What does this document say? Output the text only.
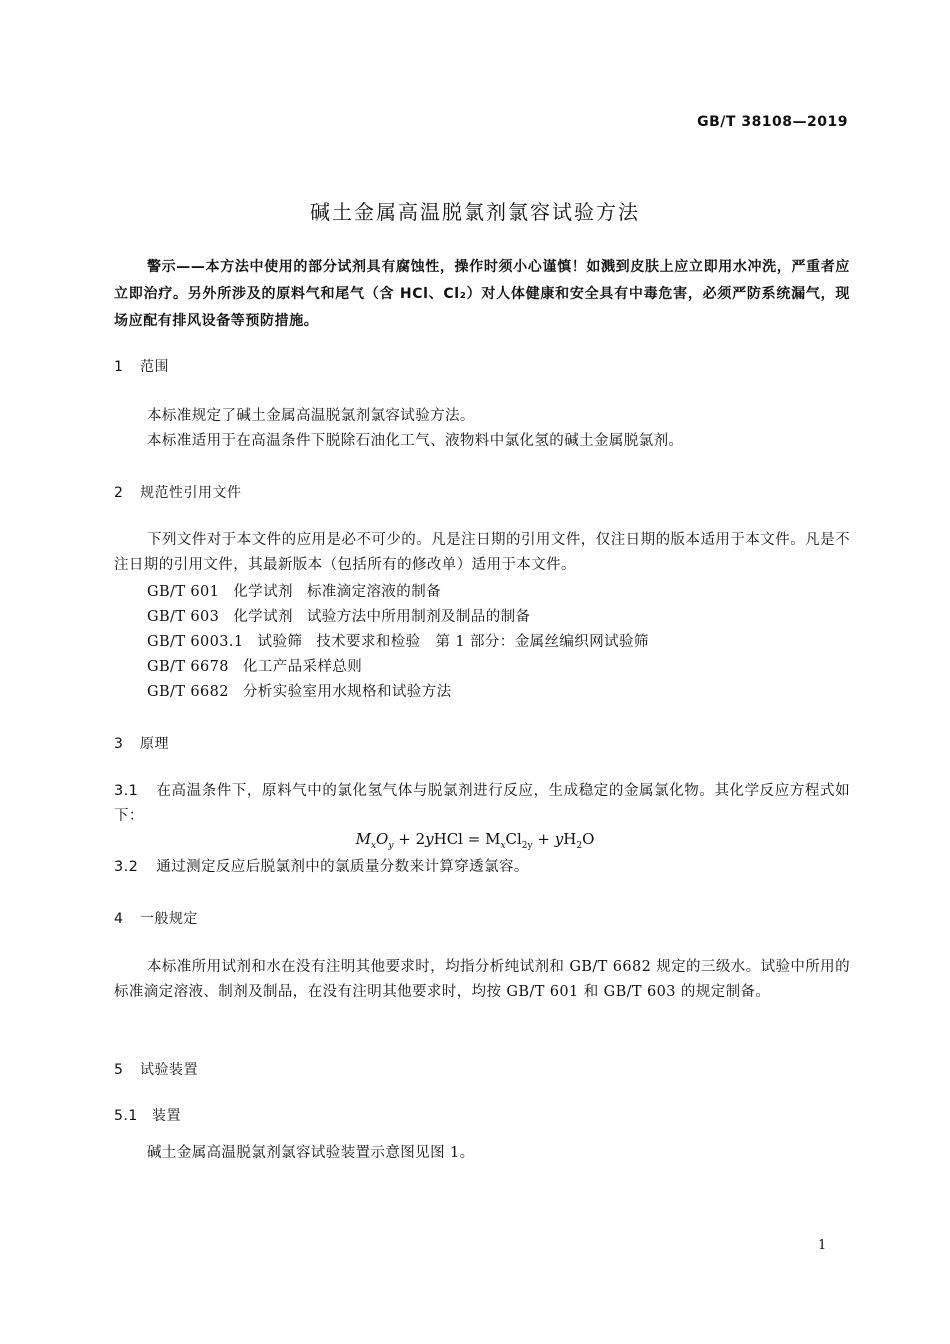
GB/T 38108—2019
碱土金属高温脱氯剂氯容试验方法
警示——本方法中使用的部分试剂具有腐蚀性，操作时须小心谨慎！如溅到皮肤上应立即用水冲洗，严重者应立即治疗。另外所涉及的原料气和尾气（含 HCl、Cl₂）对人体健康和安全具有中毒危害，必须严防系统漏气，现场应配有排风设备等预防措施。
1 范围
本标准规定了碱土金属高温脱氯剂氯容试验方法。
本标准适用于在高温条件下脱除石油化工气、液物料中氯化氢的碱土金属脱氯剂。
2 规范性引用文件
下列文件对于本文件的应用是必不可少的。凡是注日期的引用文件，仅注日期的版本适用于本文件。凡是不注日期的引用文件，其最新版本（包括所有的修改单）适用于本文件。
GB/T 601 化学试剂 标准滴定溶液的制备
GB/T 603 化学试剂 试验方法中所用制剂及制品的制备
GB/T 6003.1 试验筛 技术要求和检验　第 1 部分：金属丝编织网试验筛
GB/T 6678 化工产品采样总则
GB/T 6682 分析实验室用水规格和试验方法
3 原理
3.1 在高温条件下，原料气中的氯化氢气体与脱氯剂进行反应，生成稳定的金属氯化物。其化学反应方程式如下：
$M_xO_y$ + 2yHCl = $M_xCl_{2y} + yH_2O$
3.2 通过测定反应后脱氯剂中的氯质量分数来计算穿透氯容。
4 一般规定
本标准所用试剂和水在没有注明其他要求时，均指分析纯试剂和 GB/T 6682 规定的三级水。试验中所用的标准滴定溶液、制剂及制品，在没有注明其他要求时，均按 GB/T 601 和 GB/T 603 的规定制备。
5 试验装置
5.1 装置
碱土金属高温脱氯剂氯容试验装置示意图见图 1。
1
